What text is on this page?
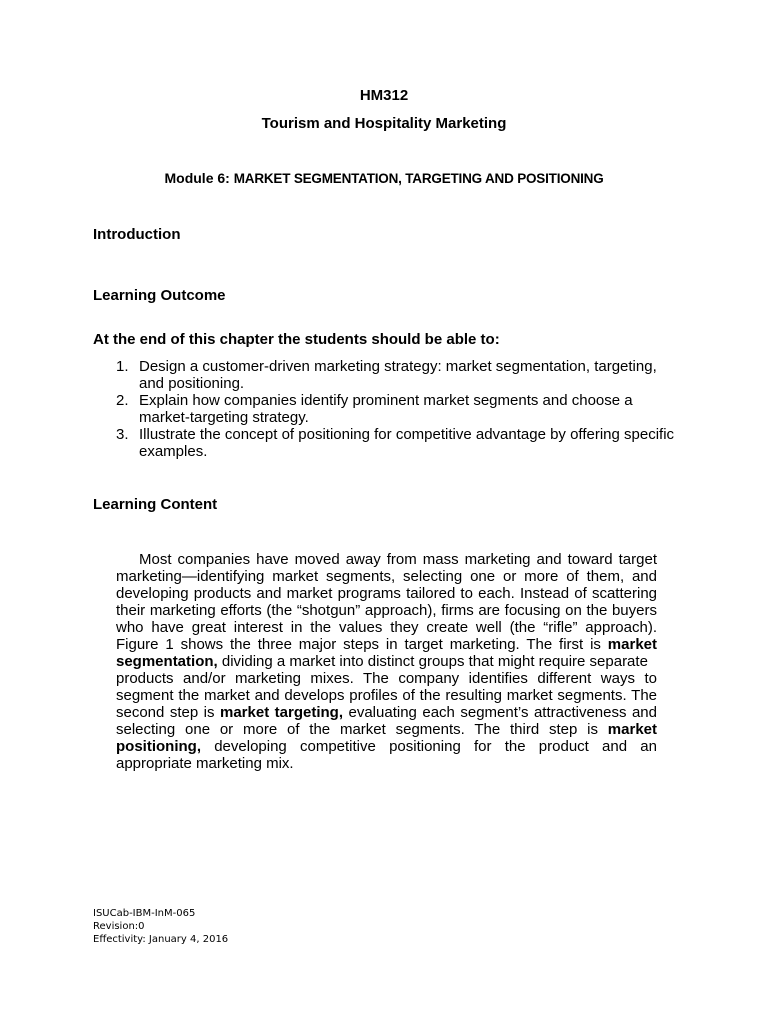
HM312
Tourism and Hospitality Marketing
Module 6: MARKET SEGMENTATION, TARGETING AND POSITIONING
Introduction
Learning Outcome
At the end of this chapter the students should be able to:
1. Design a customer-driven marketing strategy: market segmentation, targeting, and positioning.
2. Explain how companies identify prominent market segments and choose a market-targeting strategy.
3. Illustrate the concept of positioning for competitive advantage by offering specific examples.
Learning Content

Most companies have moved away from mass marketing and toward target marketing—identifying market segments, selecting one or more of them, and developing products and market programs tailored to each. Instead of scattering their marketing efforts (the “shotgun” approach), firms are focusing on the buyers who have great interest in the values they create well (the “rifle” approach). Figure 1 shows the three major steps in target marketing. The first is market segmentation, dividing a market into distinct groups that might require separate

products and/or marketing mixes. The company identifies different ways to segment the market and develops profiles of the resulting market segments. The second step is market targeting, evaluating each segment’s attractiveness and selecting one or more of the market segments. The third step is market positioning, developing competitive positioning for the product and an appropriate marketing mix.

ISUCab-IBM-InM-065
Revision:0
Effectivity: January 4, 2016
